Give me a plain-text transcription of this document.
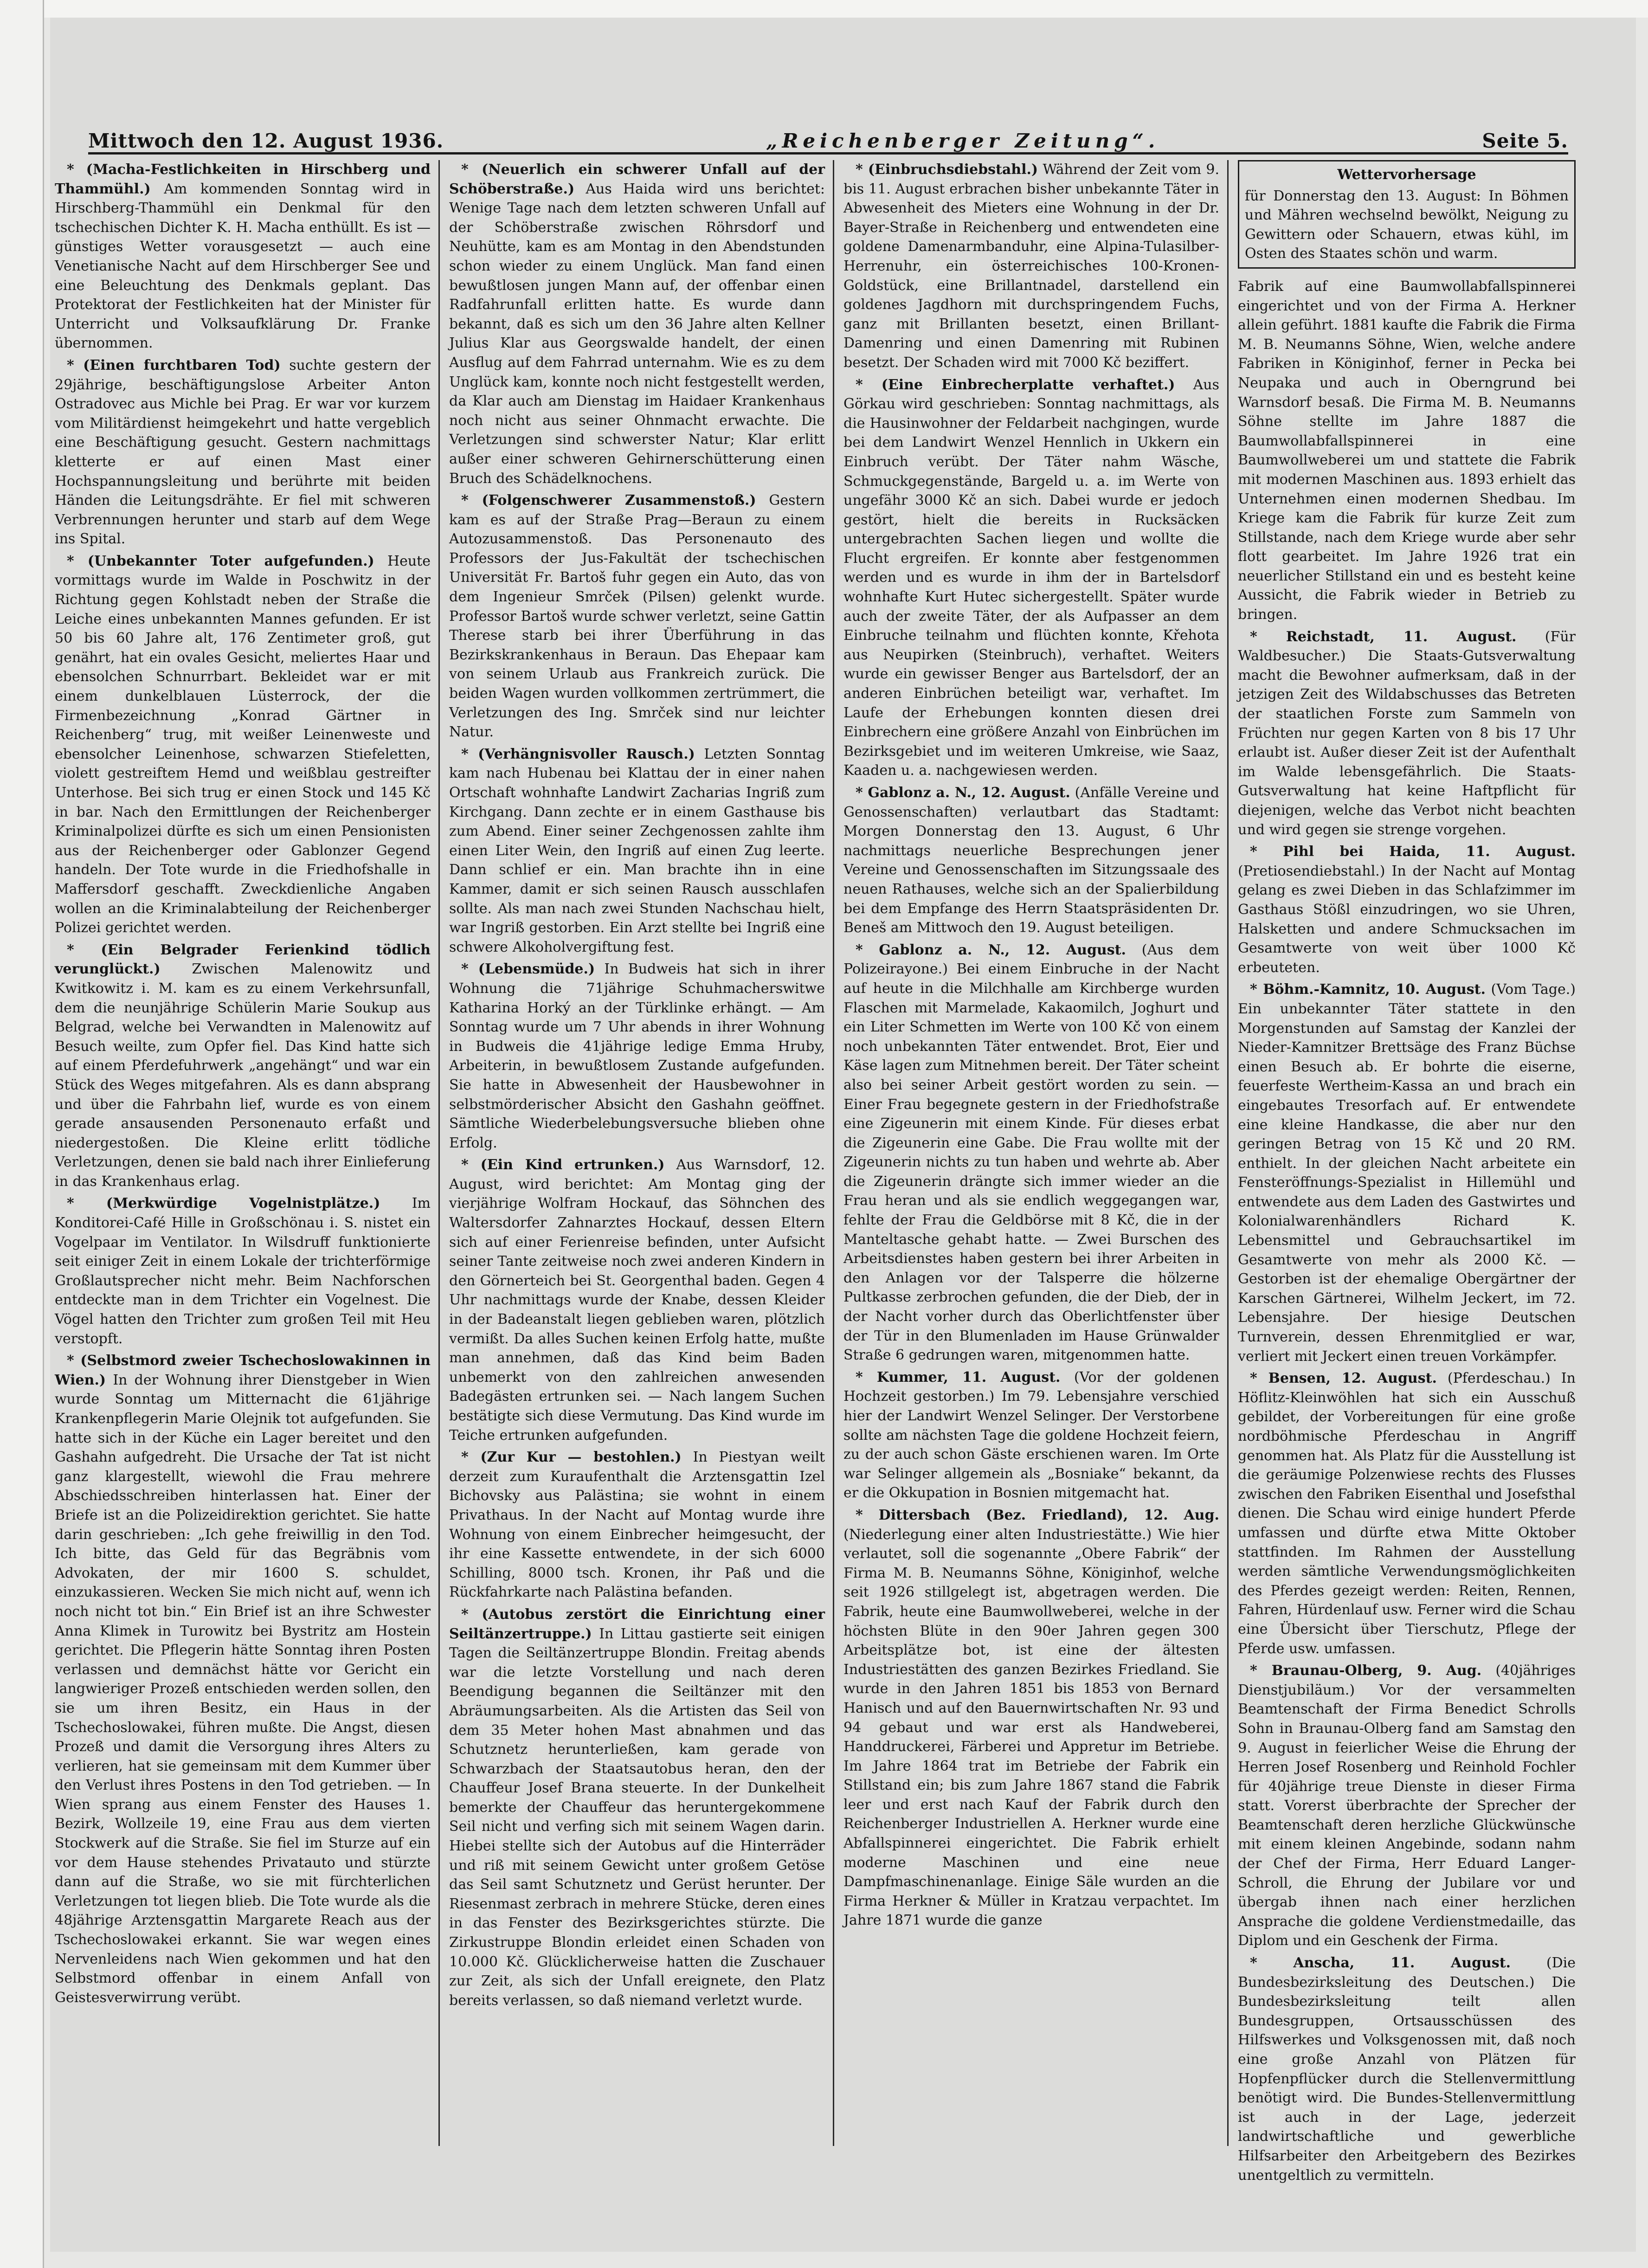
Mittwoch den 12. August 1936.	„Reichenberger Zeitung“.	Seite 5.

* (Macha-Festlichkeiten in Hirschberg und Thammühl.) Am kommenden Sonntag wird in Hirschberg-Thammühl ein Denkmal für den tschechischen Dichter K. H. Macha enthüllt. Es ist — günstiges Wetter vorausgesetzt — auch eine Venetianische Nacht auf dem Hirschberger See und eine Beleuchtung des Denkmals geplant. Das Protektorat der Festlichkeiten hat der Minister für Unterricht und Volksaufklärung Dr. Franke übernommen.

* (Einen furchtbaren Tod) suchte gestern der 29jährige, beschäftigungslose Arbeiter Anton Ostradovec aus Michle bei Prag. Er war vor kurzem vom Militärdienst heimgekehrt und hatte vergeblich eine Beschäftigung gesucht. Gestern nachmittags kletterte er auf einen Mast einer Hochspannungsleitung und berührte mit beiden Händen die Leitungsdrähte. Er fiel mit schweren Verbrennungen herunter und starb auf dem Wege ins Spital.

* (Unbekannter Toter aufgefunden.) Heute vormittags wurde im Walde in Poschwitz in der Richtung gegen Kohlstadt neben der Straße die Leiche eines unbekannten Mannes gefunden. Er ist 50 bis 60 Jahre alt, 176 Zentimeter groß, gut genährt, hat ein ovales Gesicht, meliertes Haar und ebensolchen Schnurrbart. Bekleidet war er mit einem dunkelblauen Lüsterrock, der die Firmenbezeichnung „Konrad Gärtner in Reichenberg“ trug, mit weißer Leinenweste und ebensolcher Leinenhose, schwarzen Stiefeletten, violett gestreiftem Hemd und weißblau gestreifter Unterhose. Bei sich trug er einen Stock und 145 Kč in bar. Nach den Ermittlungen der Reichenberger Kriminalpolizei dürfte es sich um einen Pensionisten aus der Reichenberger oder Gablonzer Gegend handeln. Der Tote wurde in die Friedhofshalle in Maffersdorf geschafft. Zweckdienliche Angaben wollen an die Kriminalabteilung der Reichenberger Polizei gerichtet werden.

* (Ein Belgrader Ferienkind tödlich verunglückt.) Zwischen Malenowitz und Kwitkowitz i. M. kam es zu einem Verkehrsunfall, dem die neunjährige Schülerin Marie Soukup aus Belgrad, welche bei Verwandten in Malenowitz auf Besuch weilte, zum Opfer fiel. Das Kind hatte sich auf einem Pferdefuhrwerk „angehängt“ und war ein Stück des Weges mitgefahren. Als es dann absprang und über die Fahrbahn lief, wurde es von einem gerade ansausenden Personenauto erfaßt und niedergestoßen. Die Kleine erlitt tödliche Verletzungen, denen sie bald nach ihrer Einlieferung in das Krankenhaus erlag.

* (Merkwürdige Vogelnistplätze.) Im Konditorei-Café Hille in Großschönau i. S. nistet ein Vogelpaar im Ventilator. In Wilsdruff funktionierte seit einiger Zeit in einem Lokale der trichterförmige Großlautsprecher nicht mehr. Beim Nachforschen entdeckte man in dem Trichter ein Vogelnest. Die Vögel hatten den Trichter zum großen Teil mit Heu verstopft.

* (Selbstmord zweier Tschechoslowakinnen in Wien.) In der Wohnung ihrer Dienstgeber in Wien wurde Sonntag um Mitternacht die 61jährige Krankenpflegerin Marie Olejnik tot aufgefunden. Sie hatte sich in der Küche ein Lager bereitet und den Gashahn aufgedreht. Die Ursache der Tat ist nicht ganz klargestellt, wiewohl die Frau mehrere Abschiedsschreiben hinterlassen hat. Einer der Briefe ist an die Polizeidirektion gerichtet. Sie hatte darin geschrieben: „Ich gehe freiwillig in den Tod. Ich bitte, das Geld für das Begräbnis vom Advokaten, der mir 1600 S. schuldet, einzukassieren. Wecken Sie mich nicht auf, wenn ich noch nicht tot bin.“ Ein Brief ist an ihre Schwester Anna Klimek in Turowitz bei Bystritz am Hostein gerichtet. Die Pflegerin hätte Sonntag ihren Posten verlassen und demnächst hätte vor Gericht ein langwieriger Prozeß entschieden werden sollen, den sie um ihren Besitz, ein Haus in der Tschechoslowakei, führen mußte. Die Angst, diesen Prozeß und damit die Versorgung ihres Alters zu verlieren, hat sie gemeinsam mit dem Kummer über den Verlust ihres Postens in den Tod getrieben. — In Wien sprang aus einem Fenster des Hauses 1. Bezirk, Wollzeile 19, eine Frau aus dem vierten Stockwerk auf die Straße. Sie fiel im Sturze auf ein vor dem Hause stehendes Privatauto und stürzte dann auf die Straße, wo sie mit fürchterlichen Verletzungen tot liegen blieb. Die Tote wurde als die 48jährige Arztensgattin Margarete Reach aus der Tschechoslowakei erkannt. Sie war wegen eines Nervenleidens nach Wien gekommen und hat den Selbstmord offenbar in einem Anfall von Geistesverwirrung verübt.

* (Neuerlich ein schwerer Unfall auf der Schöberstraße.) Aus Haida wird uns berichtet: Wenige Tage nach dem letzten schweren Unfall auf der Schöberstraße zwischen Röhrsdorf und Neuhütte, kam es am Montag in den Abendstunden schon wieder zu einem Unglück. Man fand einen bewußtlosen jungen Mann auf, der offenbar einen Radfahrunfall erlitten hatte. Es wurde dann bekannt, daß es sich um den 36 Jahre alten Kellner Julius Klar aus Georgswalde handelt, der einen Ausflug auf dem Fahrrad unternahm. Wie es zu dem Unglück kam, konnte noch nicht festgestellt werden, da Klar auch am Dienstag im Haidaer Krankenhaus noch nicht aus seiner Ohnmacht erwachte. Die Verletzungen sind schwerster Natur; Klar erlitt außer einer schweren Gehirnerschütterung einen Bruch des Schädelknochens.

* (Folgenschwerer Zusammenstoß.) Gestern kam es auf der Straße Prag—Beraun zu einem Autozusammenstoß. Das Personenauto des Professors der Jus-Fakultät der tschechischen Universität Fr. Bartoš fuhr gegen ein Auto, das von dem Ingenieur Smrček (Pilsen) gelenkt wurde. Professor Bartoš wurde schwer verletzt, seine Gattin Therese starb bei ihrer Überführung in das Bezirkskrankenhaus in Beraun. Das Ehepaar kam von seinem Urlaub aus Frankreich zurück. Die beiden Wagen wurden vollkommen zertrümmert, die Verletzungen des Ing. Smrček sind nur leichter Natur.

* (Verhängnisvoller Rausch.) Letzten Sonntag kam nach Hubenau bei Klattau der in einer nahen Ortschaft wohnhafte Landwirt Zacharias Ingriß zum Kirchgang. Dann zechte er in einem Gasthause bis zum Abend. Einer seiner Zechgenossen zahlte ihm einen Liter Wein, den Ingriß auf einen Zug leerte. Dann schlief er ein. Man brachte ihn in eine Kammer, damit er sich seinen Rausch ausschlafen sollte. Als man nach zwei Stunden Nachschau hielt, war Ingriß gestorben. Ein Arzt stellte bei Ingriß eine schwere Alkoholvergiftung fest.

* (Lebensmüde.) In Budweis hat sich in ihrer Wohnung die 71jährige Schuhmacherswitwe Katharina Horký an der Türklinke erhängt. — Am Sonntag wurde um 7 Uhr abends in ihrer Wohnung in Budweis die 41jährige ledige Emma Hruby, Arbeiterin, in bewußtlosem Zustande aufgefunden. Sie hatte in Abwesenheit der Hausbewohner in selbstmörderischer Absicht den Gashahn geöffnet. Sämtliche Wiederbelebungsversuche blieben ohne Erfolg.

* (Ein Kind ertrunken.) Aus Warnsdorf, 12. August, wird berichtet: Am Montag ging der vierjährige Wolfram Hockauf, das Söhnchen des Waltersdorfer Zahnarztes Hockauf, dessen Eltern sich auf einer Ferienreise befinden, unter Aufsicht seiner Tante zeitweise noch zwei anderen Kindern in den Görnerteich bei St. Georgenthal baden. Gegen 4 Uhr nachmittags wurde der Knabe, dessen Kleider in der Badeanstalt liegen geblieben waren, plötzlich vermißt. Da alles Suchen keinen Erfolg hatte, mußte man annehmen, daß das Kind beim Baden unbemerkt von den zahlreichen anwesenden Badegästen ertrunken sei. — Nach langem Suchen bestätigte sich diese Vermutung. Das Kind wurde im Teiche ertrunken aufgefunden.

* (Zur Kur — bestohlen.) In Piestyan weilt derzeit zum Kuraufenthalt die Arztensgattin Izel Bichovsky aus Palästina; sie wohnt in einem Privathaus. In der Nacht auf Montag wurde ihre Wohnung von einem Einbrecher heimgesucht, der ihr eine Kassette entwendete, in der sich 6000 Schilling, 8000 tsch. Kronen, ihr Paß und die Rückfahrkarte nach Palästina befanden.

* (Autobus zerstört die Einrichtung einer Seiltänzertruppe.) In Littau gastierte seit einigen Tagen die Seiltänzertruppe Blondin. Freitag abends war die letzte Vorstellung und nach deren Beendigung begannen die Seiltänzer mit den Abräumungsarbeiten. Als die Artisten das Seil von dem 35 Meter hohen Mast abnahmen und das Schutznetz herunterließen, kam gerade von Schwarzbach der Staatsautobus heran, den der Chauffeur Josef Brana steuerte. In der Dunkelheit bemerkte der Chauffeur das heruntergekommene Seil nicht und verfing sich mit seinem Wagen darin. Hiebei stellte sich der Autobus auf die Hinterräder und riß mit seinem Gewicht unter großem Getöse das Seil samt Schutznetz und Gerüst herunter. Der Riesenmast zerbrach in mehrere Stücke, deren eines in das Fenster des Bezirksgerichtes stürzte. Die Zirkustruppe Blondin erleidet einen Schaden von 10.000 Kč. Glücklicherweise hatten die Zuschauer zur Zeit, als sich der Unfall ereignete, den Platz bereits verlassen, so daß niemand verletzt wurde.

* (Einbruchsdiebstahl.) Während der Zeit vom 9. bis 11. August erbrachen bisher unbekannte Täter in Abwesenheit des Mieters eine Wohnung in der Dr. Bayer-Straße in Reichenberg und entwendeten eine goldene Damenarmbanduhr, eine Alpina-Tulasilber-Herrenuhr, ein österreichisches 100-Kronen-Goldstück, eine Brillantnadel, darstellend ein goldenes Jagdhorn mit durchspringendem Fuchs, ganz mit Brillanten besetzt, einen Brillant-Damenring und einen Damenring mit Rubinen besetzt. Der Schaden wird mit 7000 Kč beziffert.

* (Eine Einbrecherplatte verhaftet.) Aus Görkau wird geschrieben: Sonntag nachmittags, als die Hausinwohner der Feldarbeit nachgingen, wurde bei dem Landwirt Wenzel Hennlich in Ukkern ein Einbruch verübt. Der Täter nahm Wäsche, Schmuckgegenstände, Bargeld u. a. im Werte von ungefähr 3000 Kč an sich. Dabei wurde er jedoch gestört, hielt die bereits in Rucksäcken untergebrachten Sachen liegen und wollte die Flucht ergreifen. Er konnte aber festgenommen werden und es wurde in ihm der in Bartelsdorf wohnhafte Kurt Hutec sichergestellt. Später wurde auch der zweite Täter, der als Aufpasser an dem Einbruche teilnahm und flüchten konnte, Křehota aus Neupirken (Steinbruch), verhaftet. Weiters wurde ein gewisser Benger aus Bartelsdorf, der an anderen Einbrüchen beteiligt war, verhaftet. Im Laufe der Erhebungen konnten diesen drei Einbrechern eine größere Anzahl von Einbrüchen im Bezirksgebiet und im weiteren Umkreise, wie Saaz, Kaaden u. a. nachgewiesen werden.

* Gablonz a. N., 12. August. (Anfälle Vereine und Genossenschaften) verlautbart das Stadtamt: Morgen Donnerstag den 13. August, 6 Uhr nachmittags neuerliche Besprechungen jener Vereine und Genossenschaften im Sitzungssaale des neuen Rathauses, welche sich an der Spalierbildung bei dem Empfange des Herrn Staatspräsidenten Dr. Beneš am Mittwoch den 19. August beteiligen.

* Gablonz a. N., 12. August. (Aus dem Polizeirayone.) Bei einem Einbruche in der Nacht auf heute in die Milchhalle am Kirchberge wurden Flaschen mit Marmelade, Kakaomilch, Joghurt und ein Liter Schmetten im Werte von 100 Kč von einem noch unbekannten Täter entwendet. Brot, Eier und Käse lagen zum Mitnehmen bereit. Der Täter scheint also bei seiner Arbeit gestört worden zu sein. — Einer Frau begegnete gestern in der Friedhofstraße eine Zigeunerin mit einem Kinde. Für dieses erbat die Zigeunerin eine Gabe. Die Frau wollte mit der Zigeunerin nichts zu tun haben und wehrte ab. Aber die Zigeunerin drängte sich immer wieder an die Frau heran und als sie endlich weggegangen war, fehlte der Frau die Geldbörse mit 8 Kč, die in der Manteltasche gehabt hatte. — Zwei Burschen des Arbeitsdienstes haben gestern bei ihrer Arbeiten in den Anlagen vor der Talsperre die hölzerne Pultkasse zerbrochen gefunden, die der Dieb, der in der Nacht vorher durch das Oberlichtfenster über der Tür in den Blumenladen im Hause Grünwalder Straße 6 gedrungen waren, mitgenommen hatte.

* Kummer, 11. August. (Vor der goldenen Hochzeit gestorben.) Im 79. Lebensjahre verschied hier der Landwirt Wenzel Selinger. Der Verstorbene sollte am nächsten Tage die goldene Hochzeit feiern, zu der auch schon Gäste erschienen waren. Im Orte war Selinger allgemein als „Bosniake“ bekannt, da er die Okkupation in Bosnien mitgemacht hat.

* Dittersbach (Bez. Friedland), 12. Aug. (Niederlegung einer alten Industriestätte.) Wie hier verlautet, soll die sogenannte „Obere Fabrik“ der Firma M. B. Neumanns Söhne, Königinhof, welche seit 1926 stillgelegt ist, abgetragen werden. Die Fabrik, heute eine Baumwollweberei, welche in der höchsten Blüte in den 90er Jahren gegen 300 Arbeitsplätze bot, ist eine der ältesten Industriestätten des ganzen Bezirkes Friedland. Sie wurde in den Jahren 1851 bis 1853 von Bernard Hanisch und auf den Bauernwirtschaften Nr. 93 und 94 gebaut und war erst als Handweberei, Handdruckerei, Färberei und Appretur im Betriebe. Im Jahre 1864 trat im Betriebe der Fabrik ein Stillstand ein; bis zum Jahre 1867 stand die Fabrik leer und erst nach Kauf der Fabrik durch den Reichenberger Industriellen A. Herkner wurde eine Abfallspinnerei eingerichtet. Die Fabrik erhielt moderne Maschinen und eine neue Dampfmaschinenanlage. Einige Säle wurden an die Firma Herkner & Müller in Kratzau verpachtet. Im Jahre 1871 wurde die ganze

Wettervorhersage
für Donnerstag den 13. August: In Böhmen und Mähren wechselnd bewölkt, Neigung zu Gewittern oder Schauern, etwas kühl, im Osten des Staates schön und warm.

Fabrik auf eine Baumwollabfallspinnerei eingerichtet und von der Firma A. Herkner allein geführt. 1881 kaufte die Fabrik die Firma M. B. Neumanns Söhne, Wien, welche andere Fabriken in Königinhof, ferner in Pecka bei Neupaka und auch in Oberngrund bei Warnsdorf besaß. Die Firma M. B. Neumanns Söhne stellte im Jahre 1887 die Baumwollabfallspinnerei in eine Baumwollweberei um und stattete die Fabrik mit modernen Maschinen aus. 1893 erhielt das Unternehmen einen modernen Shedbau. Im Kriege kam die Fabrik für kurze Zeit zum Stillstande, nach dem Kriege wurde aber sehr flott gearbeitet. Im Jahre 1926 trat ein neuerlicher Stillstand ein und es besteht keine Aussicht, die Fabrik wieder in Betrieb zu bringen.

* Reichstadt, 11. August. (Für Waldbesucher.) Die Staats-Gutsverwaltung macht die Bewohner aufmerksam, daß in der jetzigen Zeit des Wildabschusses das Betreten der staatlichen Forste zum Sammeln von Früchten nur gegen Karten von 8 bis 17 Uhr erlaubt ist. Außer dieser Zeit ist der Aufenthalt im Walde lebensgefährlich. Die Staats-Gutsverwaltung hat keine Haftpflicht für diejenigen, welche das Verbot nicht beachten und wird gegen sie strenge vorgehen.

* Pihl bei Haida, 11. August. (Pretiosendiebstahl.) In der Nacht auf Montag gelang es zwei Dieben in das Schlafzimmer im Gasthaus Stößl einzudringen, wo sie Uhren, Halsketten und andere Schmucksachen im Gesamtwerte von weit über 1000 Kč erbeuteten.

* Böhm.-Kamnitz, 10. August. (Vom Tage.) Ein unbekannter Täter stattete in den Morgenstunden auf Samstag der Kanzlei der Nieder-Kamnitzer Brettsäge des Franz Büchse einen Besuch ab. Er bohrte die eiserne, feuerfeste Wertheim-Kassa an und brach ein eingebautes Tresorfach auf. Er entwendete eine kleine Handkasse, die aber nur den geringen Betrag von 15 Kč und 20 RM. enthielt. In der gleichen Nacht arbeitete ein Fensteröffnungs-Spezialist in Hillemühl und entwendete aus dem Laden des Gastwirtes und Kolonialwarenhändlers Richard K. Lebensmittel und Gebrauchsartikel im Gesamtwerte von mehr als 2000 Kč. — Gestorben ist der ehemalige Obergärtner der Karschen Gärtnerei, Wilhelm Jeckert, im 72. Lebensjahre. Der hiesige Deutschen Turnverein, dessen Ehrenmitglied er war, verliert mit Jeckert einen treuen Vorkämpfer.

* Bensen, 12. August. (Pferdeschau.) In Höflitz-Kleinwöhlen hat sich ein Ausschuß gebildet, der Vorbereitungen für eine große nordböhmische Pferdeschau in Angriff genommen hat. Als Platz für die Ausstellung ist die geräumige Polzenwiese rechts des Flusses zwischen den Fabriken Eisenthal und Josefsthal dienen. Die Schau wird einige hundert Pferde umfassen und dürfte etwa Mitte Oktober stattfinden. Im Rahmen der Ausstellung werden sämtliche Verwendungsmöglichkeiten des Pferdes gezeigt werden: Reiten, Rennen, Fahren, Hürdenlauf usw. Ferner wird die Schau eine Übersicht über Tierschutz, Pflege der Pferde usw. umfassen.

* Braunau-Olberg, 9. Aug. (40jähriges Dienstjubiläum.) Vor der versammelten Beamtenschaft der Firma Benedict Schrolls Sohn in Braunau-Olberg fand am Samstag den 9. August in feierlicher Weise die Ehrung der Herren Josef Rosenberg und Reinhold Fochler für 40jährige treue Dienste in dieser Firma statt. Vorerst überbrachte der Sprecher der Beamtenschaft deren herzliche Glückwünsche mit einem kleinen Angebinde, sodann nahm der Chef der Firma, Herr Eduard Langer-Schroll, die Ehrung der Jubilare vor und übergab ihnen nach einer herzlichen Ansprache die goldene Verdienstmedaille, das Diplom und ein Geschenk der Firma.

* Anscha, 11. August.	(Die Bundesbezirksleitung des Deutschen.) Die Bundesbezirksleitung teilt allen Bundesgruppen, Ortsausschüssen des Hilfswerkes und Volksgenossen mit, daß noch eine große Anzahl von Plätzen für Hopfenpflücker durch die Stellenvermittlung benötigt wird. Die Bundes-Stellenvermittlung ist auch in der Lage, jederzeit landwirtschaftliche und gewerbliche Hilfsarbeiter den Arbeitgebern des Bezirkes unentgeltlich zu vermitteln.
